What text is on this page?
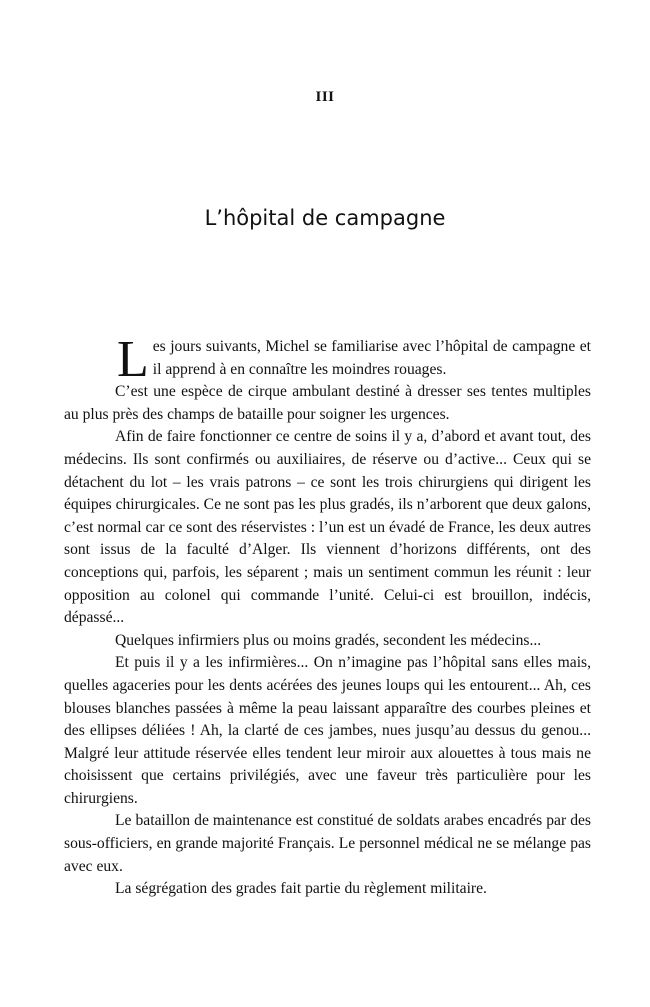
III
L’hôpital de campagne

Les jours suivants, Michel se familiarise avec l’hôpital de campagne et il apprend à en connaître les moindres rouages.

C’est une espèce de cirque ambulant destiné à dresser ses tentes multiples au plus près des champs de bataille pour soigner les urgences.

Afin de faire fonctionner ce centre de soins il y a, d’abord et avant tout, des médecins. Ils sont confirmés ou auxiliaires, de réserve ou d’active... Ceux qui se détachent du lot – les vrais patrons – ce sont les trois chirurgiens qui dirigent les équipes chirurgicales. Ce ne sont pas les plus gradés, ils n’arborent que deux galons, c’est normal car ce sont des réservistes : l’un est un évadé de France, les deux autres sont issus de la faculté d’Alger. Ils viennent d’horizons différents, ont des conceptions qui, parfois, les séparent ; mais un sentiment commun les réunit : leur opposition au colonel qui commande l’unité. Celui-ci est brouillon, indécis, dépassé...

Quelques infirmiers plus ou moins gradés, secondent les médecins...

Et puis il y a les infirmières... On n’imagine pas l’hôpital sans elles mais, quelles agaceries pour les dents acérées des jeunes loups qui les entourent... Ah, ces blouses blanches passées à même la peau laissant apparaître des courbes pleines et des ellipses déliées ! Ah, la clarté de ces jambes, nues jusqu’au dessus du genou... Malgré leur attitude réservée elles tendent leur miroir aux alouettes à tous mais ne choisissent que certains privilégiés, avec une faveur très particulière pour les chirurgiens.

Le bataillon de maintenance est constitué de soldats arabes encadrés par des sous-officiers, en grande majorité Français. Le personnel médical ne se mélange pas avec eux.

La ségrégation des grades fait partie du règlement militaire.
